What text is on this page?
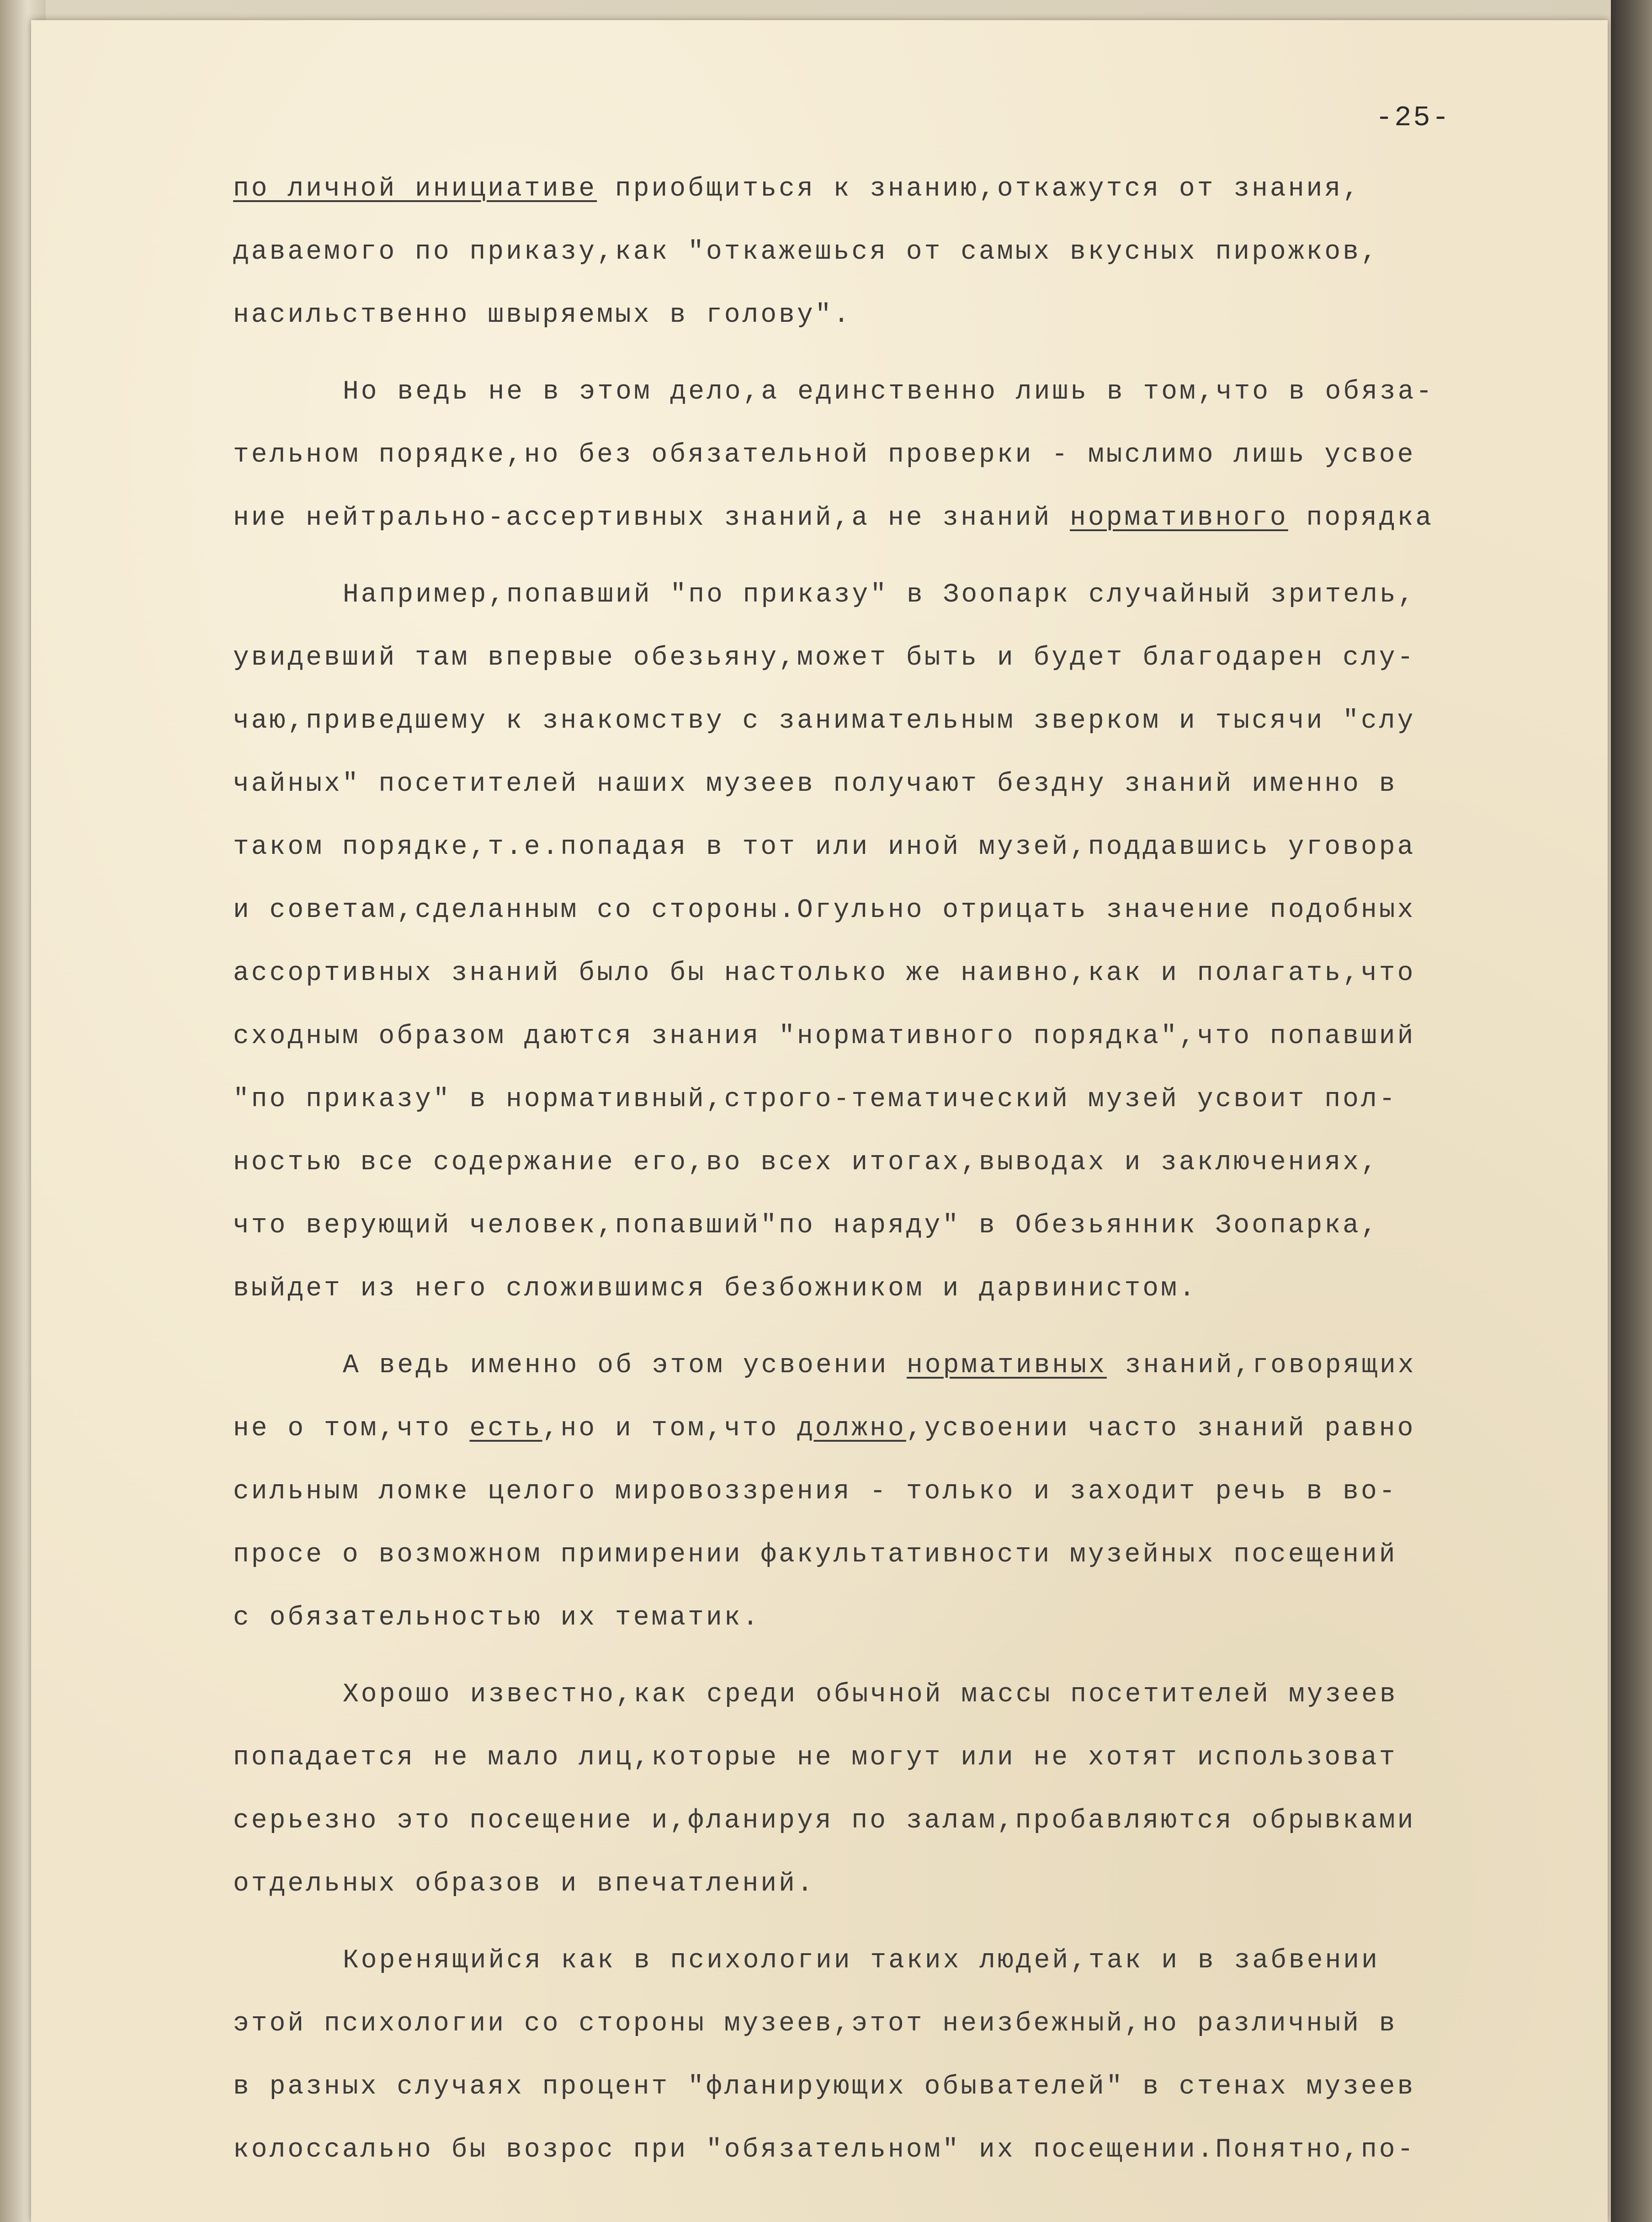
-25-
по личной инициативе приобщиться к знанию,откажутся от знания,
даваемого по приказу,как "откажешься от самых вкусных пирожков,
насильственно швыряемых в голову".
Но ведь не в этом дело,а единственно лишь в том,что в обяза-
тельном порядке,но без обязательной проверки - мыслимо лишь усвое
ние нейтрально-ассертивных знаний,а не знаний нормативного порядка
Например,попавший "по приказу" в Зоопарк случайный зритель,
увидевший там впервые обезьяну,может быть и будет благодарен слу-
чаю,приведшему к знакомству с занимательным зверком и тысячи "слу
чайных" посетителей наших музеев получают бездну знаний именно в
таком порядке,т.е.попадая в тот или иной музей,поддавшись уговора
и советам,сделанным со стороны.Огульно отрицать значение подобных
ассортивных знаний было бы настолько же наивно,как и полагать,что
сходным образом даются знания "нормативного порядка",что попавший
"по приказу" в нормативный,строго-тематический музей усвоит пол-
ностью все содержание его,во всех итогах,выводах и заключениях,
что верующий человек,попавший"по наряду" в Обезьянник Зоопарка,
выйдет из него сложившимся безбожником и дарвинистом.
А ведь именно об этом усвоении нормативных знаний,говорящих
не о том,что есть,но и том,что должно,усвоении часто знаний равно
сильным ломке целого мировоззрения - только и заходит речь в во-
просе о возможном примирении факультативности музейных посещений
с обязательностью их тематик.
Хорошо известно,как среди обычной массы посетителей музеев
попадается не мало лиц,которые не могут или не хотят использоват
серьезно это посещение и,фланируя по залам,пробавляются обрывками
отдельных образов и впечатлений.
Коренящийся как в психологии таких людей,так и в забвении
этой психологии со стороны музеев,этот неизбежный,но различный в
в разных случаях процент "фланирующих обывателей" в стенах музеев
колоссально бы возрос при "обязательном" их посещении.Понятно,по-
